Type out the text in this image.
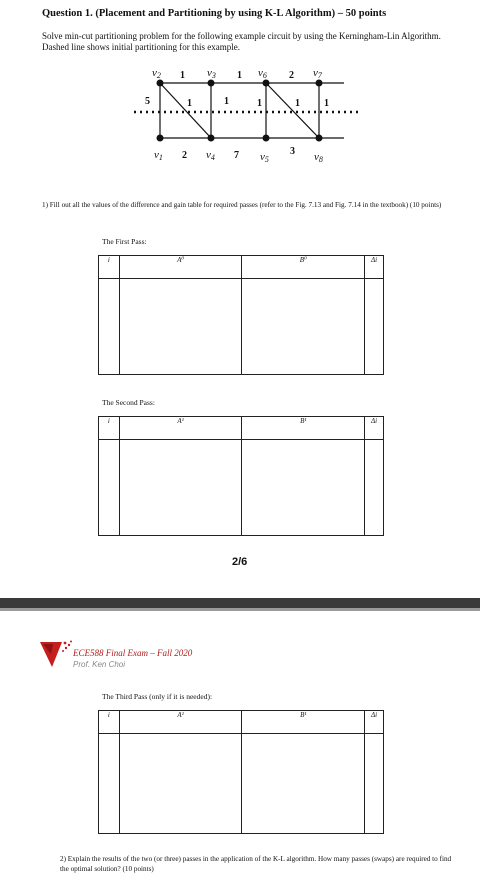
Question 1. (Placement and Partitioning by using K-L Algorithm) – 50 points
Solve min-cut partitioning problem for the following example circuit by using the Kerningham-Lin Algorithm. Dashed line shows initial partitioning for this example.
v2	v3	v6	v7
v1	v4	v5	v8
1	1	2
2	7	3
5	1	1	1	1 1
1) Fill out all the values of the difference and gain table for required passes (refer to the Fig. 7.13 and Fig. 7.14 in the textbook) (10 points)
The First Pass:
i	A⁰	B⁰	Δi

The Second Pass:
i	A¹	B¹	Δi

2/6
ECE588 Final Exam – Fall 2020
Prof. Ken Choi
The Third Pass (only if it is needed):
i	A¹	B¹	Δi

2) Explain the results of the two (or three) passes in the application of the K-L algorithm. How many passes (swaps) are required to find the optimal solution? (10 points)
